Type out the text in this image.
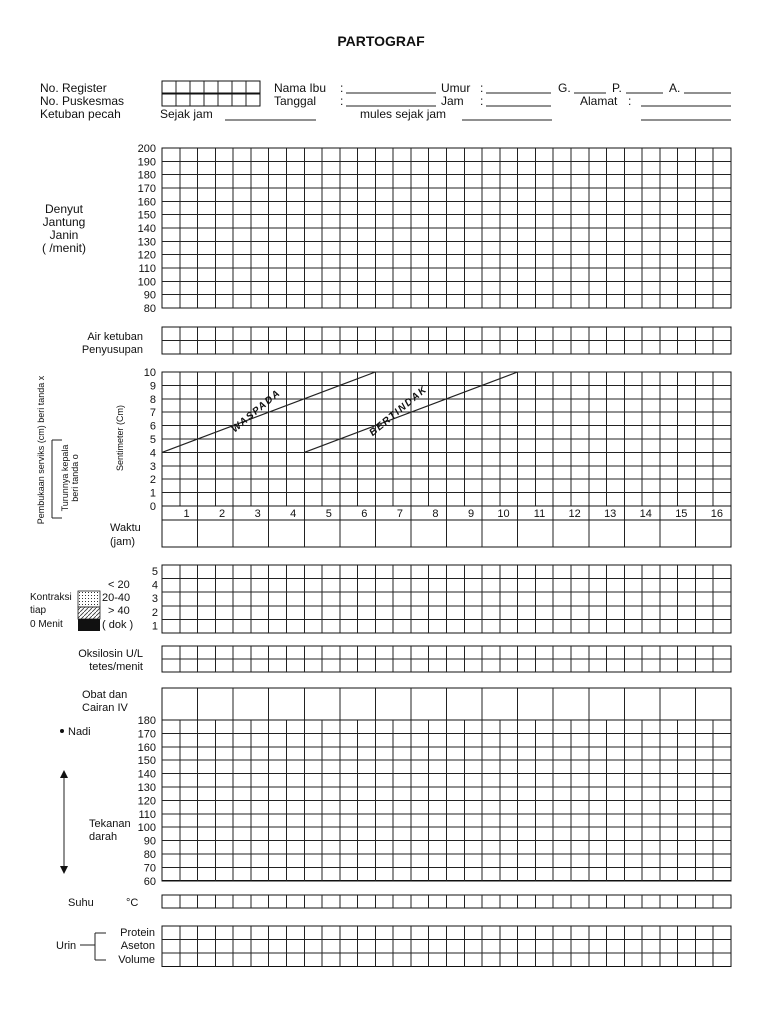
PARTOGRAF
No. Register
No. Puskesmas
Ketuban pecah	Sejak jam
Nama Ibu :
Tanggal :
mules sejak jam
Umur :
Jam :
G.	P.	A.
Alamat :
Denyut
Jantung
Janin
( /menit)
Air ketuban
Penyusupan
Pembukaan serviks (cm) beri tanda x Turunnya kepala beri tanda o
Sentimeter (Cm)
Waktu
(jam)
Kontraksi
tiap
0 Menit
< 20
20-40
> 40
( dok )
Oksilosin U/L
tetes/menit
Obat dan
Cairan IV
Nadi
Tekanan
darah
Suhu	°C
Urin
Protein
Aseton
Volume
200
190
180
170
160
150
140
130
120
110
100
90
80
10
9
8
7
6
5
4
3
2
1
0
1	2	3	4	5	6	7	8	9 10 11 12 13 14 15 16
WASPADA	BERTINDAK
5
4
3
2
1
180
170
160
150
140
130
120
110
100
90
80
70
60
